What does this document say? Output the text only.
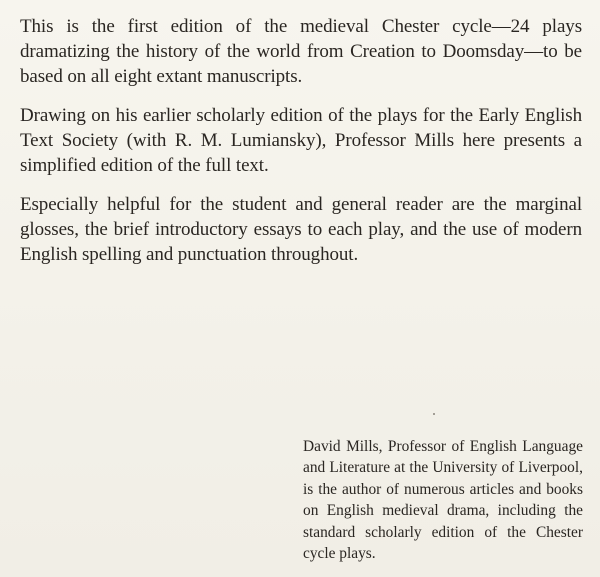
This is the first edition of the medieval Chester cycle—24 plays dramatizing the history of the world from Creation to Doomsday—to be based on all eight extant manuscripts.

Drawing on his earlier scholarly edition of the plays for the Early English Text Society (with R. M. Lumiansky), Professor Mills here presents a simplified edition of the full text.

Especially helpful for the student and general reader are the marginal glosses, the brief introductory essays to each play, and the use of modern English spelling and punctuation throughout.

David Mills, Professor of English Language and Literature at the University of Liverpool, is the author of numerous articles and books on English medieval drama, including the standard scholarly edition of the Chester cycle plays.
